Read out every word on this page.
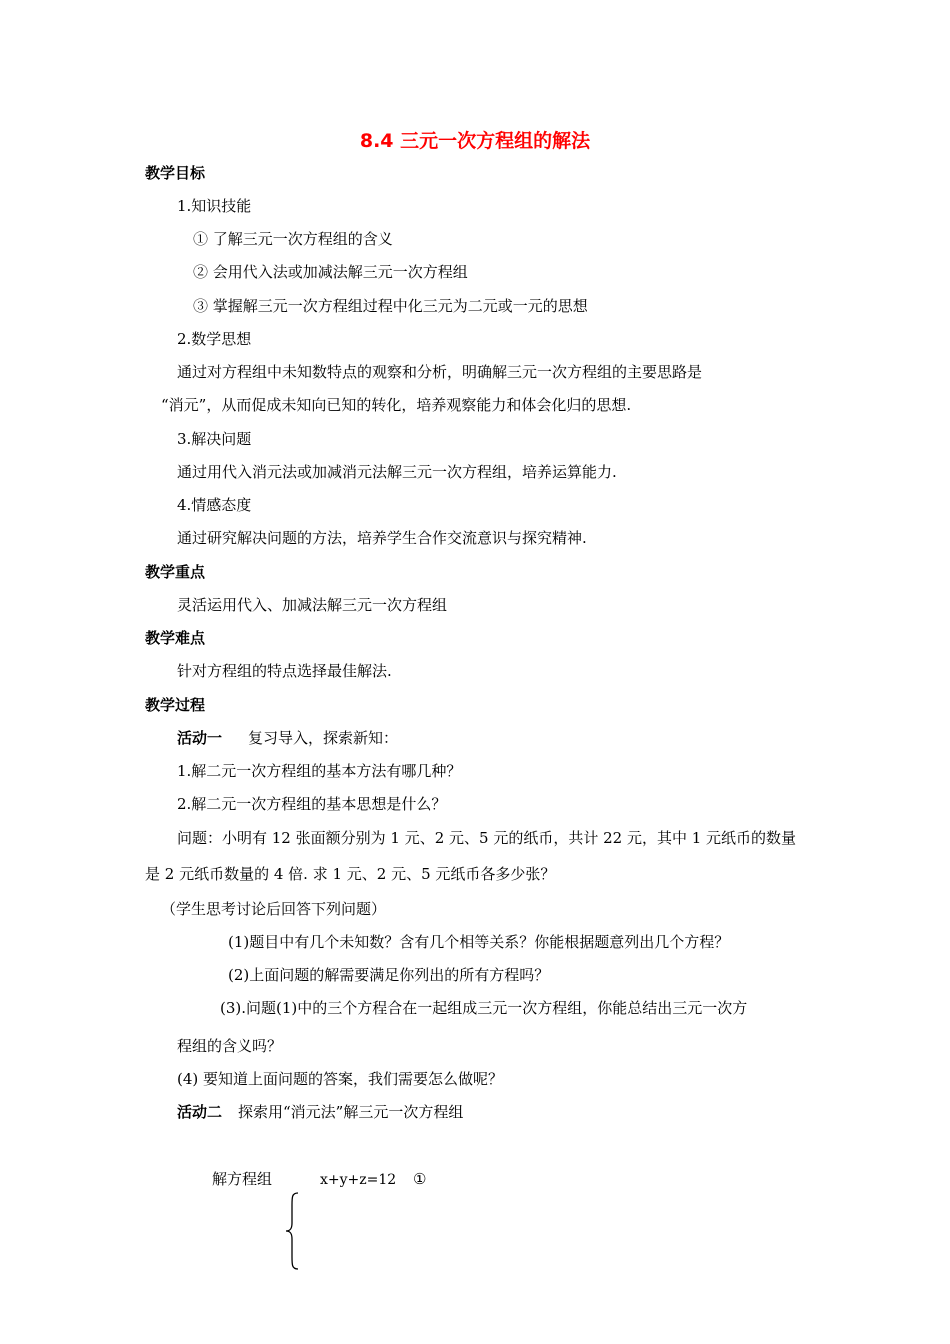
8.4 三元一次方程组的解法
教学目标
1.知识技能
① 了解三元一次方程组的含义
② 会用代入法或加减法解三元一次方程组
③ 掌握解三元一次方程组过程中化三元为二元或一元的思想
2.数学思想
通过对方程组中未知数特点的观察和分析，明确解三元一次方程组的主要思路是
“消元”，从而促成未知向已知的转化，培养观察能力和体会化归的思想.
3.解决问题
通过用代入消元法或加减消元法解三元一次方程组，培养运算能力.
4.情感态度
通过研究解决问题的方法，培养学生合作交流意识与探究精神.
教学重点
灵活运用代入、加减法解三元一次方程组
教学难点
针对方程组的特点选择最佳解法.
教学过程
活动一 复习导入，探索新知：
1.解二元一次方程组的基本方法有哪几种？
2.解二元一次方程组的基本思想是什么？
问题：小明有 12 张面额分别为 1 元、2 元、5 元的纸币，共计 22 元，其中 1 元纸币的数量
是 2 元纸币数量的 4 倍. 求 1 元、2 元、5 元纸币各多少张？
（学生思考讨论后回答下列问题）
(1)题目中有几个未知数？含有几个相等关系？你能根据题意列出几个方程？
(2)上面问题的解需要满足你列出的所有方程吗？
(3).问题(1)中的三个方程合在一起组成三元一次方程组，你能总结出三元一次方
程组的含义吗？
(4) 要知道上面问题的答案，我们需要怎么做呢？
活动二 探索用“消元法”解三元一次方程组
解方程组	x+y+z=12 ①
